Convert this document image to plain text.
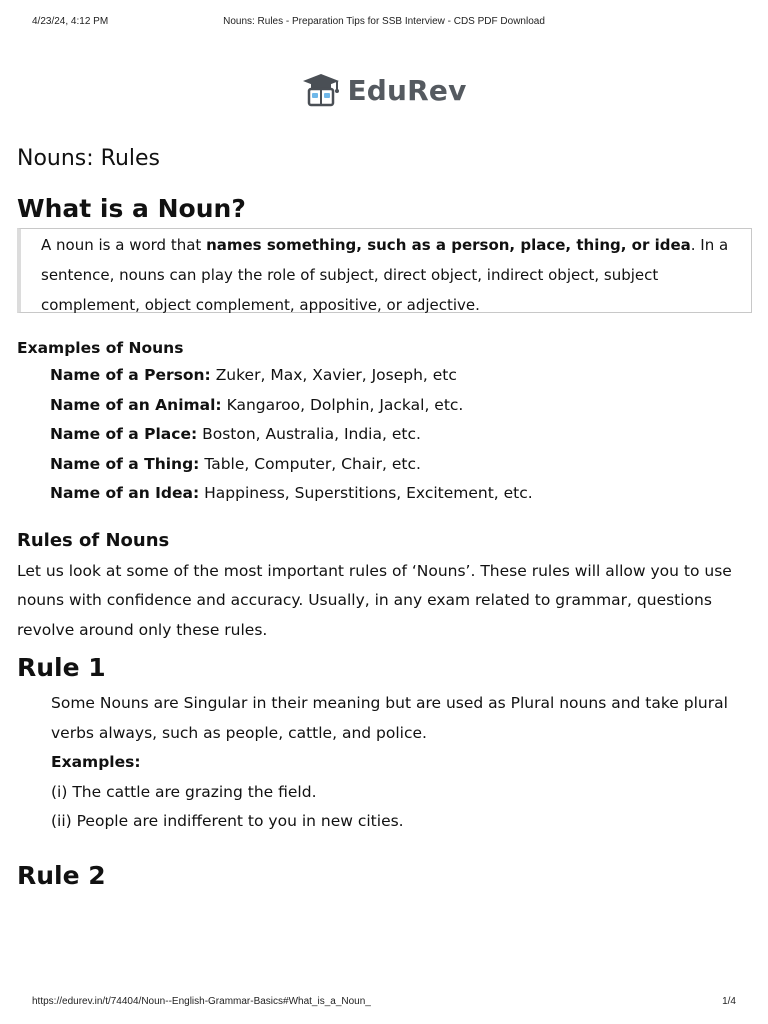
4/23/24, 4:12 PM	Nouns: Rules - Preparation Tips for SSB Interview - CDS PDF Download
EduRev
Nouns: Rules
What is a Noun?
A noun is a word that names something, such as a person, place, thing, or idea. In a sentence, nouns can play the role of subject, direct object, indirect object, subject complement, object complement, appositive, or adjective.
Examples of Nouns
Name of a Person: Zuker, Max, Xavier, Joseph, etc
Name of an Animal: Kangaroo, Dolphin, Jackal, etc.
Name of a Place: Boston, Australia, India, etc.
Name of a Thing: Table, Computer, Chair, etc.
Name of an Idea: Happiness, Superstitions, Excitement, etc.
Rules of Nouns

Let us look at some of the most important rules of ‘Nouns’. These rules will allow you to use nouns with confidence and accuracy. Usually, in any exam related to grammar, questions revolve around only these rules.

Rule 1
Some Nouns are Singular in their meaning but are used as Plural nouns and take plural verbs always, such as people, cattle, and police.
Examples:
(i) The cattle are grazing the field.
(ii) People are indifferent to you in new cities.
Rule 2
https://edurev.in/t/74404/Noun--English-Grammar-Basics#What_is_a_Noun_	1/4
